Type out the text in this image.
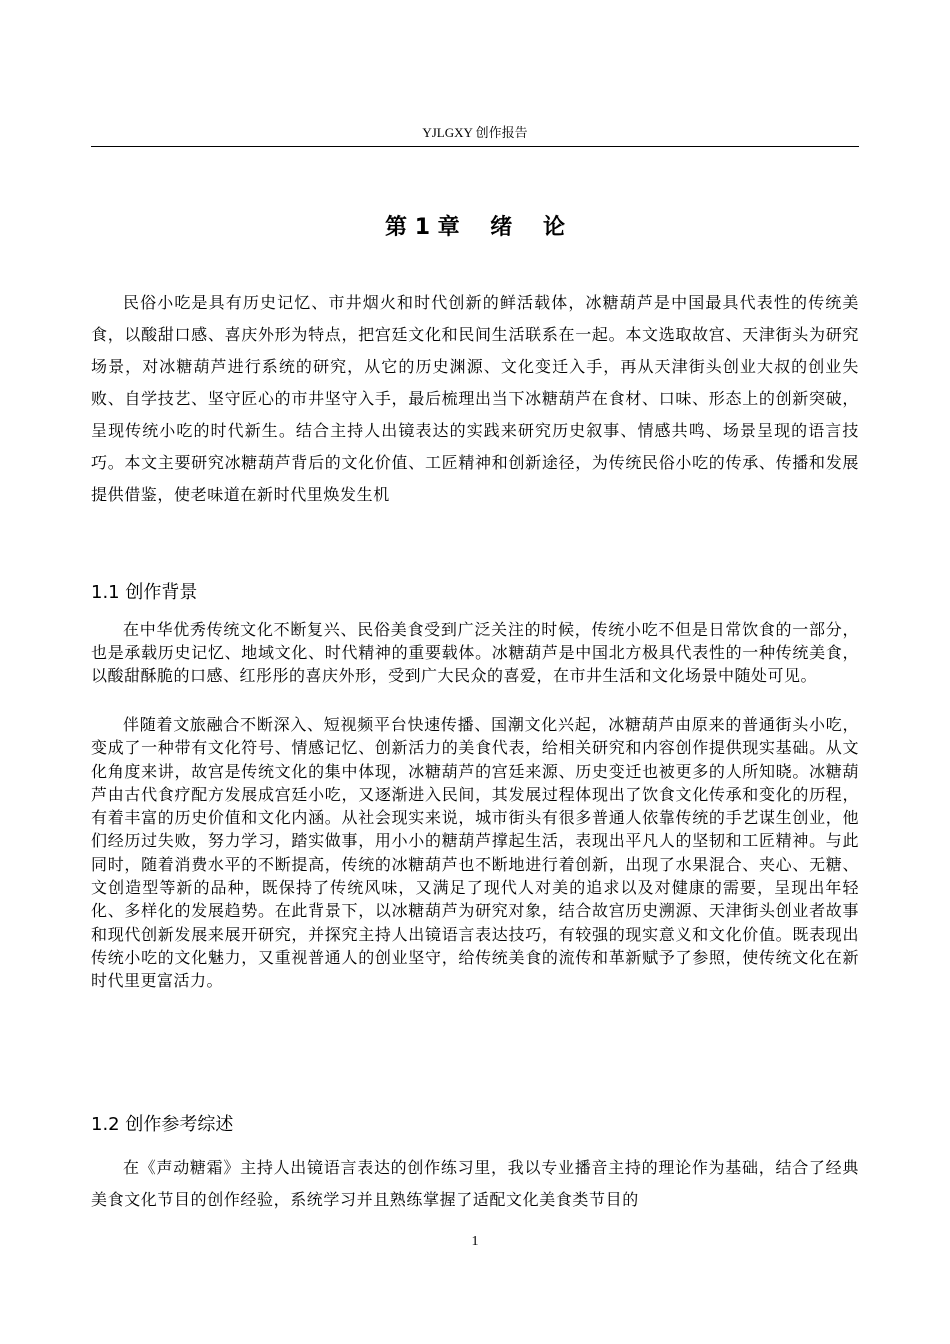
YJLGXY 创作报告
第 1 章    绪    论

民俗小吃是具有历史记忆、市井烟火和时代创新的鲜活载体，冰糖葫芦是中国最具代表性的传统美食，以酸甜口感、喜庆外形为特点，把宫廷文化和民间生活联系在一起。本文选取故宫、天津街头为研究场景，对冰糖葫芦进行系统的研究，从它的历史渊源、文化变迁入手，再从天津街头创业大叔的创业失败、自学技艺、坚守匠心的市井坚守入手，最后梳理出当下冰糖葫芦在食材、口味、形态上的创新突破，呈现传统小吃的时代新生。结合主持人出镜表达的实践来研究历史叙事、情感共鸣、场景呈现的语言技巧。本文主要研究冰糖葫芦背后的文化价值、工匠精神和创新途径，为传统民俗小吃的传承、传播和发展提供借鉴，使老味道在新时代里焕发生机

1.1 创作背景

在中华优秀传统文化不断复兴、民俗美食受到广泛关注的时候，传统小吃不但是日常饮食的一部分，也是承载历史记忆、地域文化、时代精神的重要载体。冰糖葫芦是中国北方极具代表性的一种传统美食，以酸甜酥脆的口感、红彤彤的喜庆外形，受到广大民众的喜爱，在市井生活和文化场景中随处可见。

伴随着文旅融合不断深入、短视频平台快速传播、国潮文化兴起，冰糖葫芦由原来的普通街头小吃，变成了一种带有文化符号、情感记忆、创新活力的美食代表，给相关研究和内容创作提供现实基础。从文化角度来讲，故宫是传统文化的集中体现，冰糖葫芦的宫廷来源、历史变迁也被更多的人所知晓。冰糖葫芦由古代食疗配方发展成宫廷小吃，又逐渐进入民间，其发展过程体现出了饮食文化传承和变化的历程，有着丰富的历史价值和文化内涵。从社会现实来说，城市街头有很多普通人依靠传统的手艺谋生创业，他们经历过失败，努力学习，踏实做事，用小小的糖葫芦撑起生活，表现出平凡人的坚韧和工匠精神。与此同时，随着消费水平的不断提高，传统的冰糖葫芦也不断地进行着创新，出现了水果混合、夹心、无糖、文创造型等新的品种，既保持了传统风味，又满足了现代人对美的追求以及对健康的需要，呈现出年轻化、多样化的发展趋势。在此背景下，以冰糖葫芦为研究对象，结合故宫历史溯源、天津街头创业者故事和现代创新发展来展开研究，并探究主持人出镜语言表达技巧，有较强的现实意义和文化价值。既表现出传统小吃的文化魅力，又重视普通人的创业坚守，给传统美食的流传和革新赋予了参照，使传统文化在新时代里更富活力。

1.2 创作参考综述

在《声动糖霜》主持人出镜语言表达的创作练习里，我以专业播音主持的理论作为基础，结合了经典美食文化节目的创作经验，系统学习并且熟练掌握了适配文化美食类节目的

1
